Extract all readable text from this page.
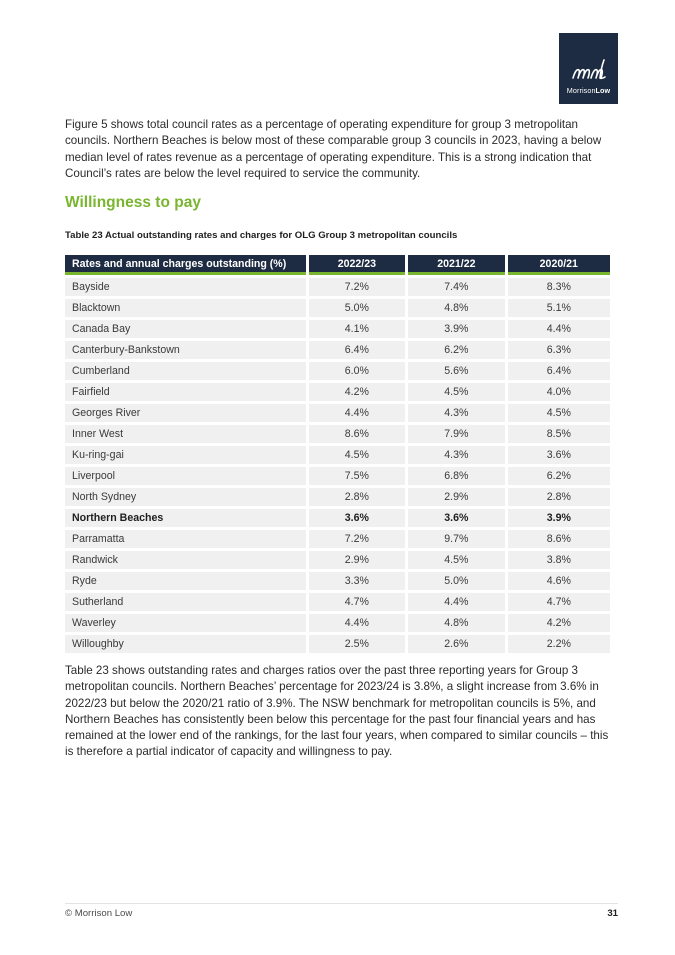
MorrisonLow

Figure 5 shows total council rates as a percentage of operating expenditure for group 3 metropolitan councils. Northern Beaches is below most of these comparable group 3 councils in 2023, having a below median level of rates revenue as a percentage of operating expenditure. This is a strong indication that Council’s rates are below the level required to service the community.

Willingness to pay

Table 23 Actual outstanding rates and charges for OLG Group 3 metropolitan councils

Rates and annual charges outstanding (%)	2022/23	2021/22	2020/21
Bayside	7.2%	7.4%	8.3%
Blacktown	5.0%	4.8%	5.1%
Canada Bay	4.1%	3.9%	4.4%
Canterbury-Bankstown	6.4%	6.2%	6.3%
Cumberland	6.0%	5.6%	6.4%
Fairfield	4.2%	4.5%	4.0%
Georges River	4.4%	4.3%	4.5%
Inner West	8.6%	7.9%	8.5%
Ku-ring-gai	4.5%	4.3%	3.6%
Liverpool	7.5%	6.8%	6.2%
North Sydney	2.8%	2.9%	2.8%
Northern Beaches	3.6%	3.6%	3.9%
Parramatta	7.2%	9.7%	8.6%
Randwick	2.9%	4.5%	3.8%
Ryde	3.3%	5.0%	4.6%
Sutherland	4.7%	4.4%	4.7%
Waverley	4.4%	4.8%	4.2%
Willoughby	2.5%	2.6%	2.2%

Table 23 shows outstanding rates and charges ratios over the past three reporting years for Group 3 metropolitan councils. Northern Beaches’ percentage for 2023/24 is 3.8%, a slight increase from 3.6% in 2022/23 but below the 2020/21 ratio of 3.9%. The NSW benchmark for metropolitan councils is 5%, and Northern Beaches has consistently been below this percentage for the past four financial years and has remained at the lower end of the rankings, for the last four years, when compared to similar councils – this is therefore a partial indicator of capacity and willingness to pay.

© Morrison Low	31
